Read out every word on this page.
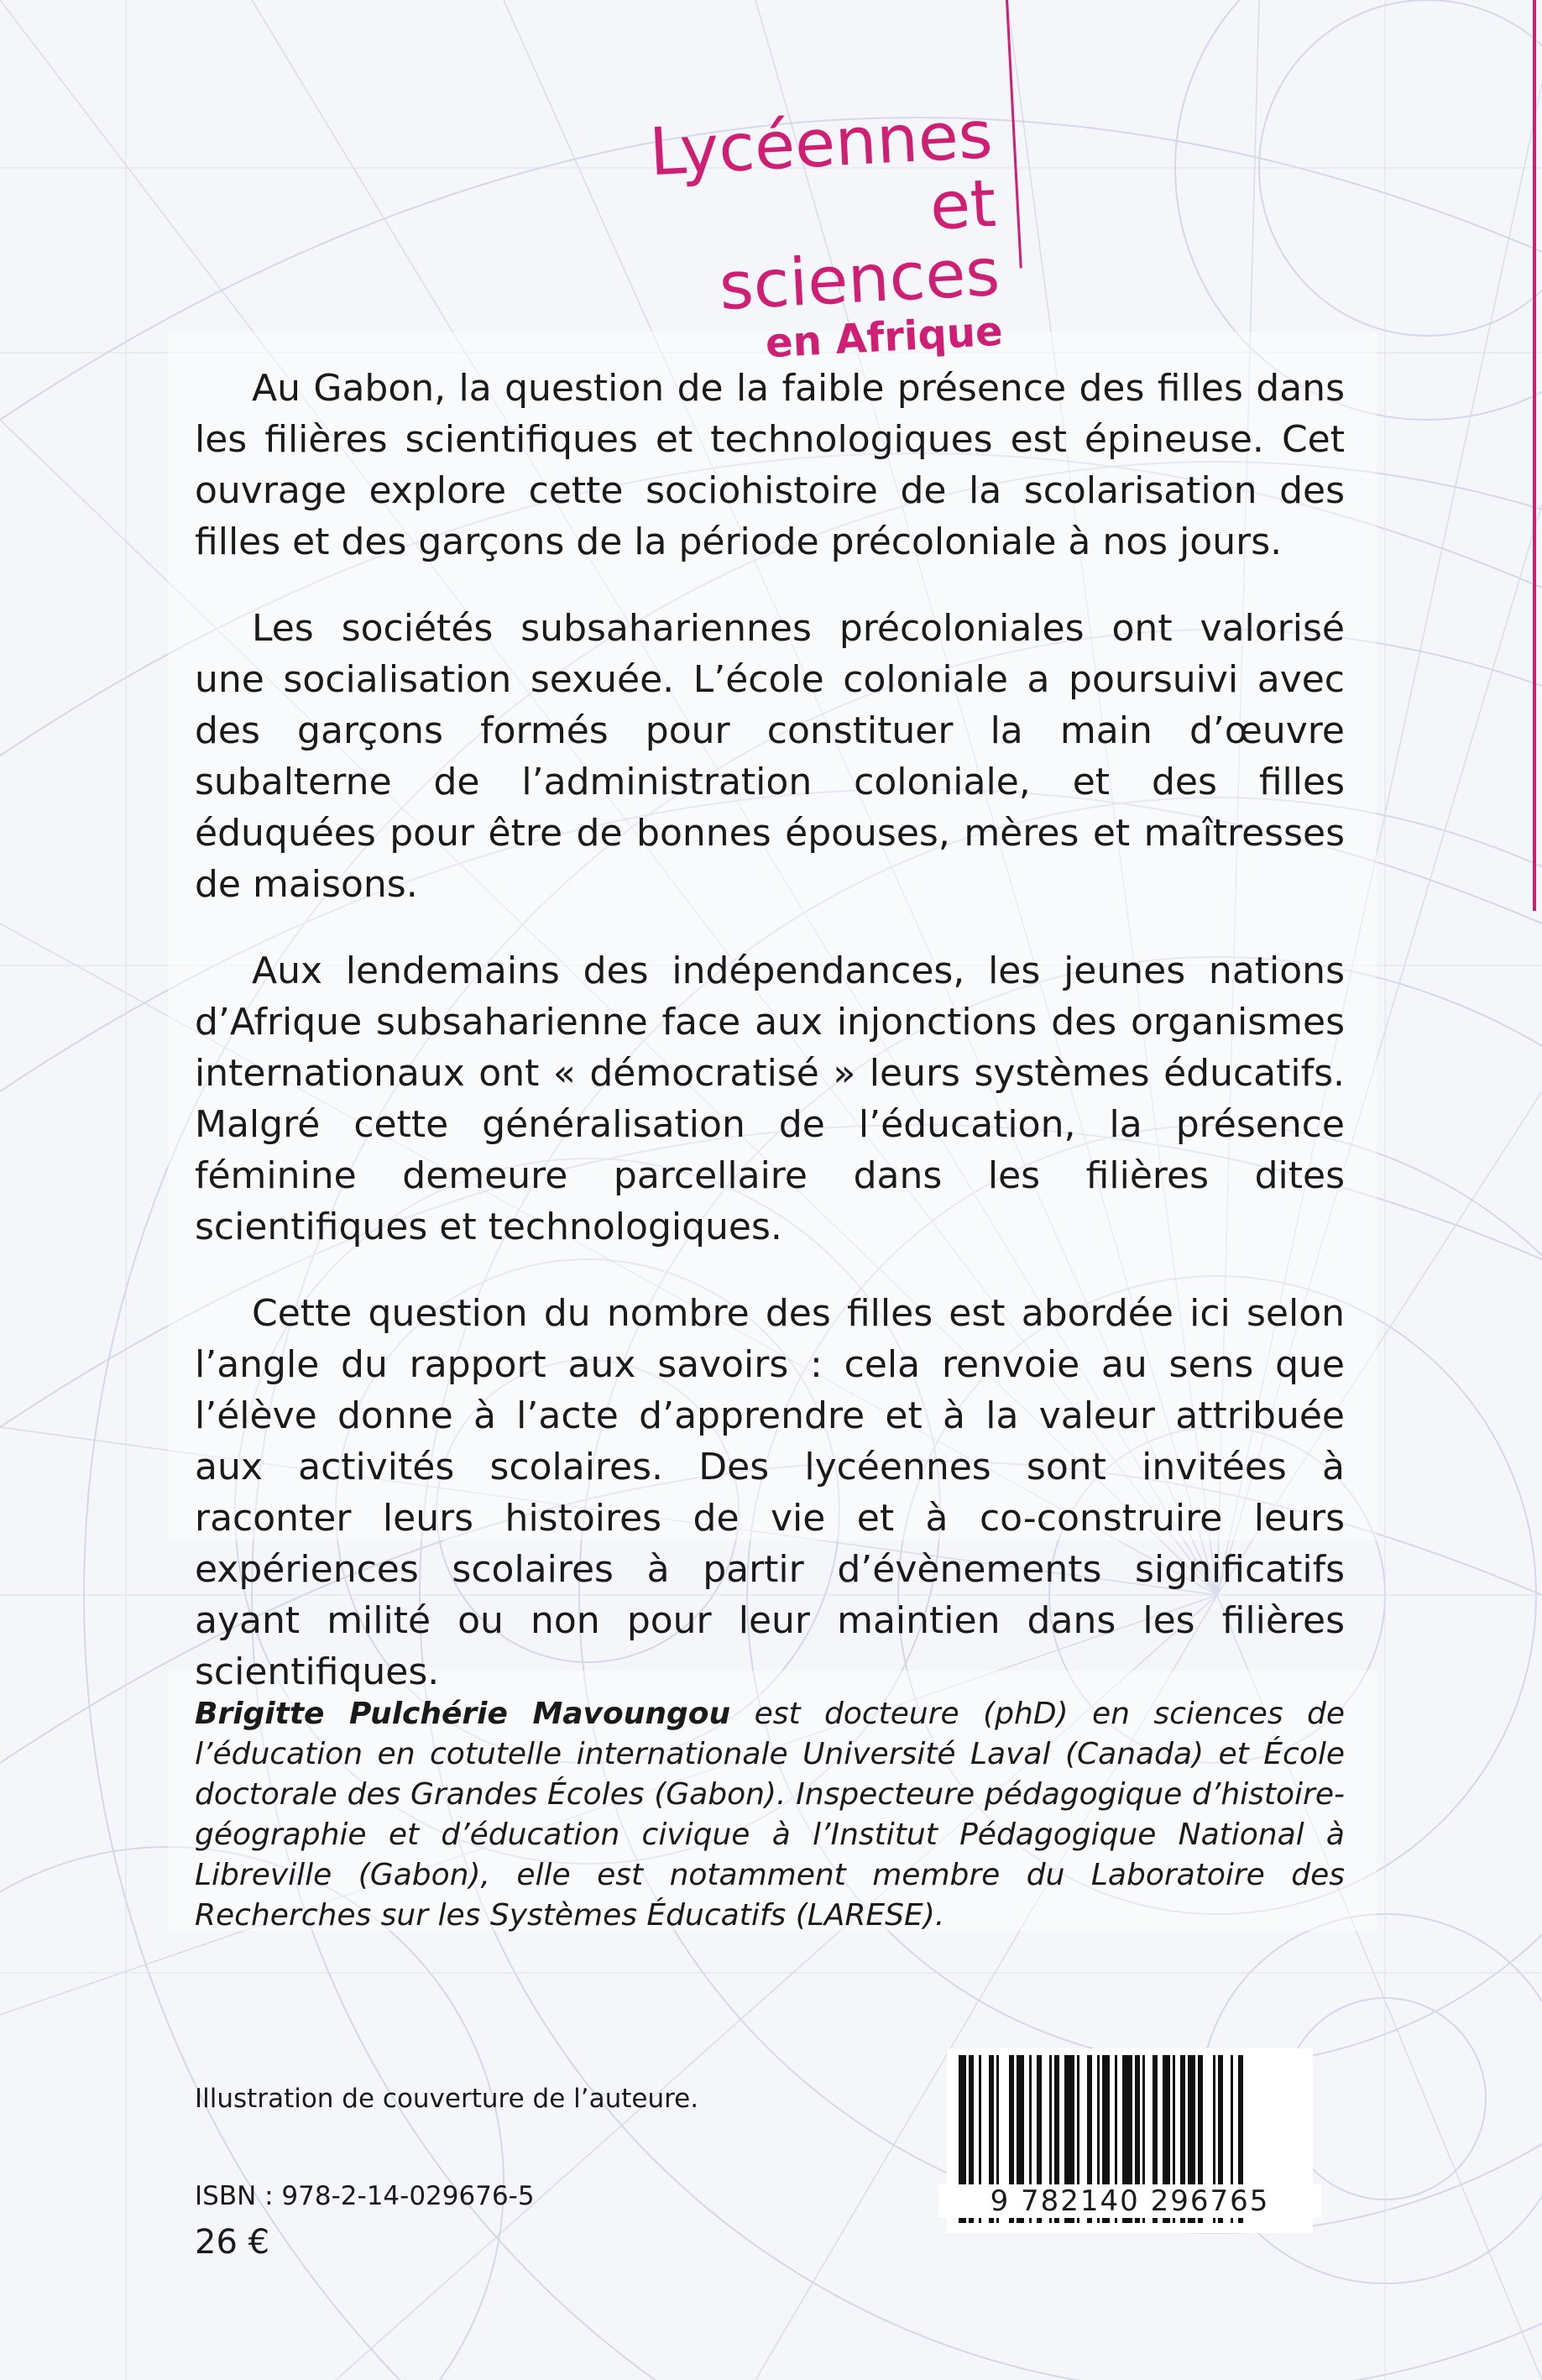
Lycéennes
et sciences
en Afrique

Au Gabon, la question de la faible présence des filles dans les filières scientifiques et technologiques est épineuse. Cet ouvrage explore cette sociohistoire de la scolarisation des filles et des garçons de la période précoloniale à nos jours.

Les sociétés subsahariennes précoloniales ont valorisé une socialisation sexuée. L’école coloniale a poursuivi avec des garçons formés pour constituer la main d’œuvre subalterne de l’administration coloniale, et des filles éduquées pour être de bonnes épouses, mères et maîtresses de maisons.

Aux lendemains des indépendances, les jeunes nations d’Afrique subsaharienne face aux injonctions des organismes internationaux ont « démocratisé » leurs systèmes éducatifs. Malgré cette généralisation de l’éducation, la présence féminine demeure parcellaire dans les filières dites scientifiques et technologiques.

Cette question du nombre des filles est abordée ici selon l’angle du rapport aux savoirs : cela renvoie au sens que l’élève donne à l’acte d’apprendre et à la valeur attribuée aux activités scolaires. Des lycéennes sont invitées à raconter leurs histoires de vie et à co-construire leurs expériences scolaires à partir d’évènements significatifs ayant milité ou non pour leur maintien dans les filières scientifiques.

Brigitte Pulchérie Mavoungou est docteure (phD) en sciences de l’éducation en cotutelle internationale Université Laval (Canada) et École doctorale des Grandes Écoles (Gabon). Inspecteure pédagogique d’histoire-géographie et d’éducation civique à l’Institut Pédagogique National à Libreville (Gabon), elle est notamment membre du Laboratoire des Recherches sur les Systèmes Éducatifs (LARESE).

Illustration de couverture de l’auteure.
ISBN : 978-2-14-029676-5
26 €
9 782140 296765
